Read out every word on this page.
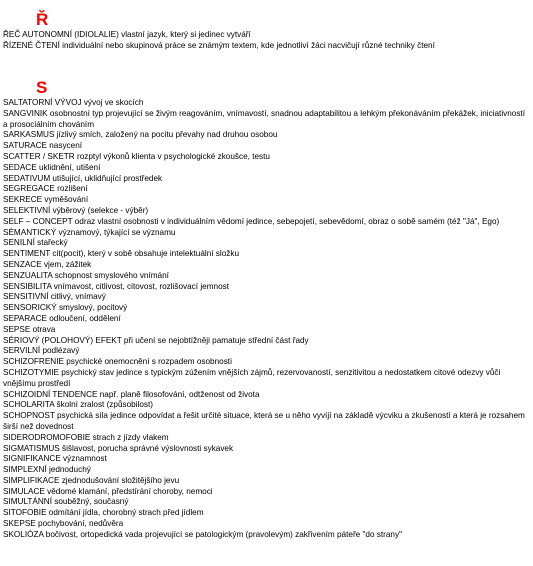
Ř

ŘEČ AUTONOMNÍ (IDIOLALIE) vlastní jazyk, který si jedinec vytváří

ŘÍZENÉ ČTENÍ individuální nebo skupinová práce se známým textem, kde jednotliví žáci nacvičují různé techniky čtení

S

SALTATORNÍ VÝVOJ vývoj ve skocích

SANGVINIK osobnostní typ projevující se živým reagováním, vnímavostí, snadnou adaptabilitou a lehkým překonáváním překážek, iniciativností a prosociálním chováním

SARKASMUS jízlivý smích, založený na pocitu převahy nad druhou osobou

SATURACE nasycení

SCATTER / SKETR rozptyl výkonů klienta v psychologické zkoušce, testu

SEDACE uklidnění, utišení

SEDATIVUM utišující, uklidňující prostředek

SEGREGACE rozlišení

SEKRECE vyměšování

SELEKTIVNÍ výběrový (selekce - výběr)

SELF – CONCEPT odraz vlastní osobnosti v individuálním vědomí jedince, sebepojetí, sebevědomí, obraz o sobě samém (též "Já", Ego)

SÉMANTICKÝ významový, týkající se významu

SENILNÍ stařecký

SENTIMENT cit(pocit), který v sobě obsahuje intelektuální složku

SENZACE vjem, zážitek

SENZUALITA schopnost smyslového vnímání

SENSIBILITA vnímavost, citlivost, citovost, rozlišovací jemnost

SENSITIVNÍ citlivý, vnímavý

SENSORICKÝ smyslový, pocitový

SEPARACE odloučení, oddělení

SEPSE otrava

SÉRIOVÝ (POLOHOVÝ) EFEKT při učení se nejobtížněji pamatuje střední část řady

SERVILNÍ podlézavý

SCHIZOFRENIE psychické onemocnění s rozpadem osobnosti

SCHIZOTYMIE psychický stav jedince s typickým zúžením vnějších zájmů, rezervovaností, senzitivitou a nedostatkem citové odezvy vůči vnějšímu prostředí

SCHIZOIDNÍ TENDENCE např. planě filosofování, odtženost od života

SCHOLARITA školní zralost (způsobilost)

SCHOPNOST psychická síla jedince odpovídat a řešit určité situace, která se u něho vyvíjí na základě výcviku a zkušeností a která je rozsahem širší než dovednost

SIDERODROMOFOBIE strach z jízdy vlakem

SIGMATISMUS šišlavost, porucha správné výslovnosti sykavek

SIGNIFIKANCE významnost

SIMPLEXNÍ jednoduchý

SIMPLIFIKACE zjednodušování složitějšího jevu

SIMULACE vědomé klamání, předstírání choroby, nemoci

SIMULTÁNNÍ souběžný, současný

SITOFOBIE odmítání jídla, chorobný strach před jídlem

SKEPSE pochybování, nedůvěra

SKOLIÓZA bočivost, ortopedická vada projevující se patologickým (pravolevým) zakřivením páteře "do strany"
